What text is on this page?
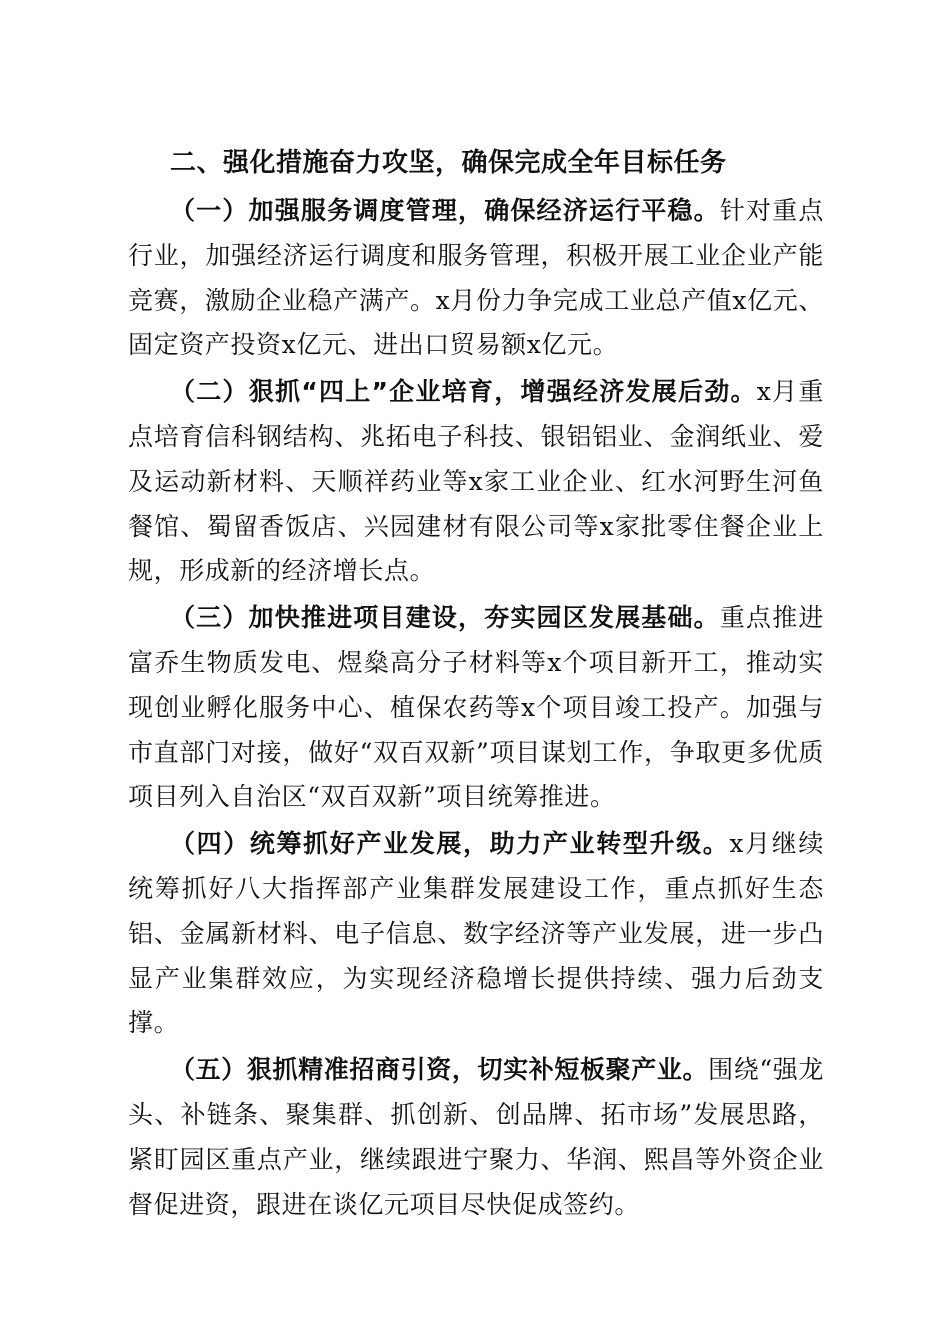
二、强化措施奋力攻坚，确保完成全年目标任务

（一）加强服务调度管理，确保经济运行平稳。针对重点行业，加强经济运行调度和服务管理，积极开展工业企业产能竞赛，激励企业稳产满产。x月份力争完成工业总产值x亿元、固定资产投资x亿元、进出口贸易额x亿元。

（二）狠抓“四上”企业培育，增强经济发展后劲。x月重点培育信科钢结构、兆拓电子科技、银铝铝业、金润纸业、爱及运动新材料、天顺祥药业等x家工业企业、红水河野生河鱼餐馆、蜀留香饭店、兴园建材有限公司等x家批零住餐企业上规，形成新的经济增长点。

（三）加快推进项目建设，夯实园区发展基础。重点推进富乔生物质发电、煜燊高分子材料等x个项目新开工，推动实现创业孵化服务中心、植保农药等x个项目竣工投产。加强与市直部门对接，做好“双百双新”项目谋划工作，争取更多优质项目列入自治区“双百双新”项目统筹推进。

（四）统筹抓好产业发展，助力产业转型升级。x月继续统筹抓好八大指挥部产业集群发展建设工作，重点抓好生态铝、金属新材料、电子信息、数字经济等产业发展，进一步凸显产业集群效应，为实现经济稳增长提供持续、强力后劲支撑。

（五）狠抓精准招商引资，切实补短板聚产业。围绕“强龙头、补链条、聚集群、抓创新、创品牌、拓市场”发展思路，紧盯园区重点产业，继续跟进宁聚力、华润、熙昌等外资企业督促进资，跟进在谈亿元项目尽快促成签约。
